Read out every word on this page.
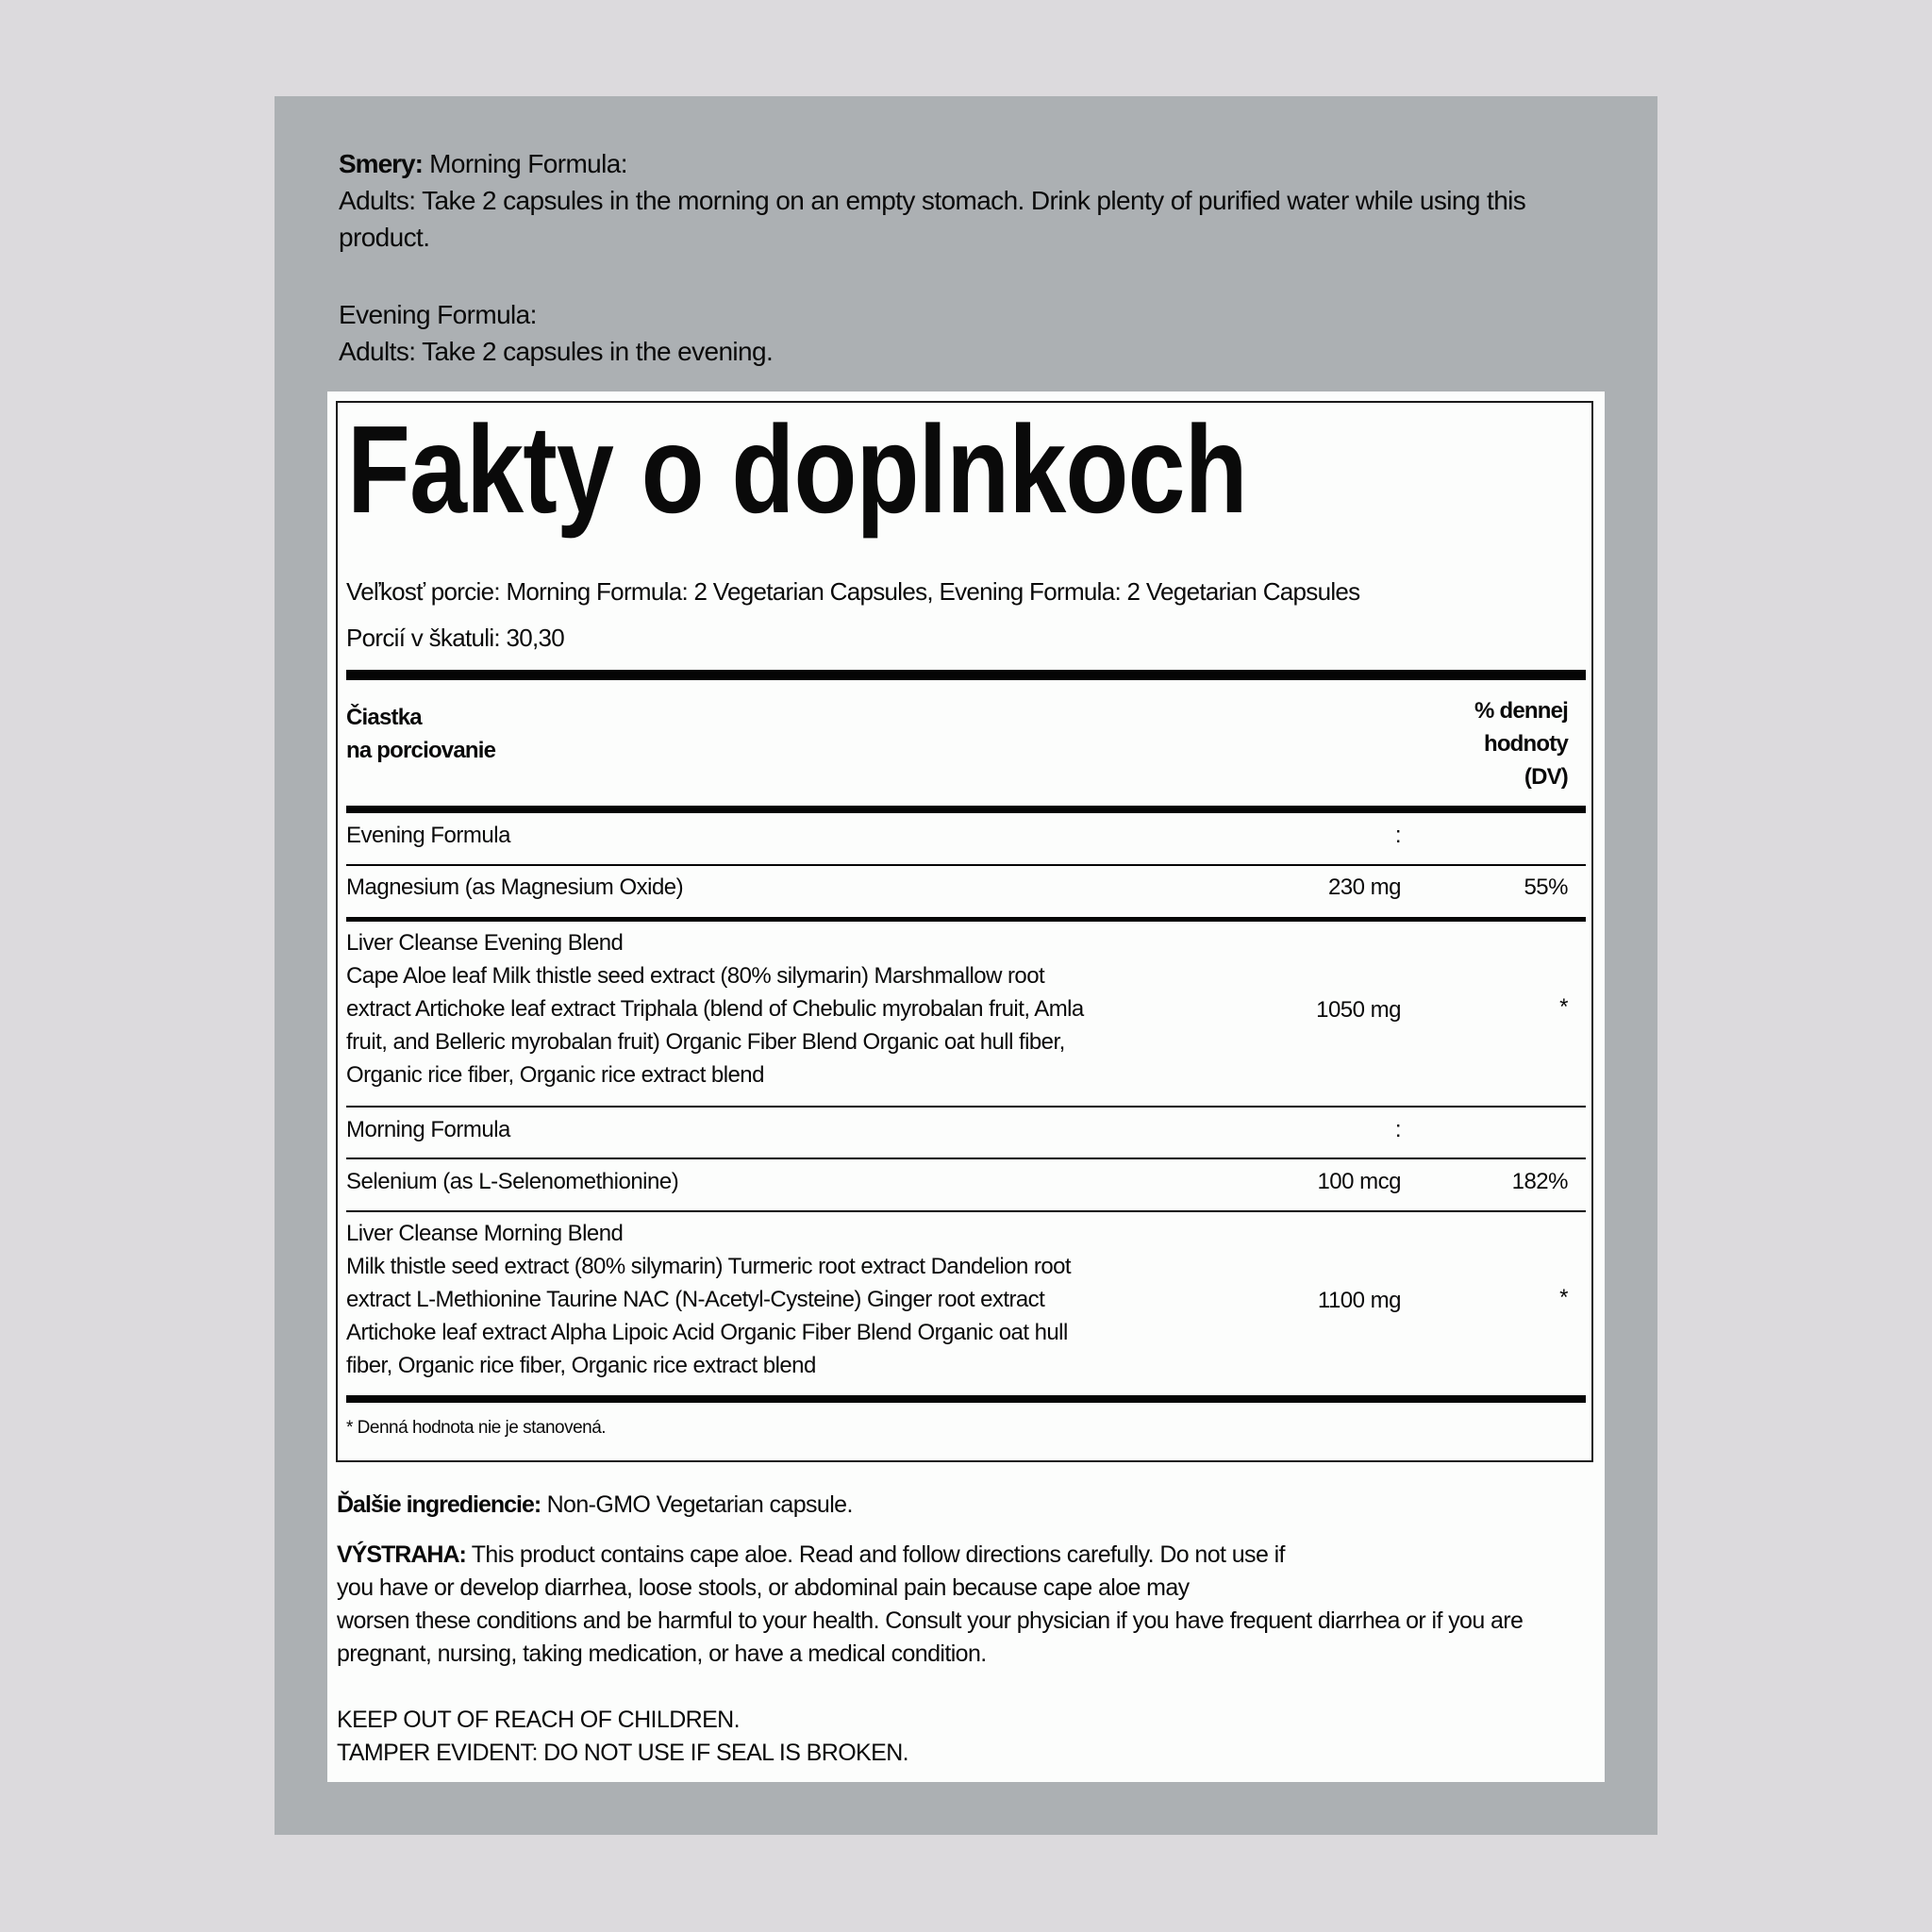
Smery: Morning Formula:
Adults: Take 2 capsules in the morning on an empty stomach. Drink plenty of purified water while using this
product.
Evening Formula:
Adults: Take 2 capsules in the evening.
Fakty o doplnkoch
Veľkosť porcie: Morning Formula: 2 Vegetarian Capsules, Evening Formula: 2 Vegetarian Capsules
Porcií v škatuli: 30,30
Čiastka
na porciovanie
% dennej
hodnoty
(DV)
Evening Formula	:
Magnesium (as Magnesium Oxide)	230 mg	55%
Liver Cleanse Evening Blend
Cape Aloe leaf Milk thistle seed extract (80% silymarin) Marshmallow root
extract Artichoke leaf extract Triphala (blend of Chebulic myrobalan fruit, Amla
fruit, and Belleric myrobalan fruit) Organic Fiber Blend Organic oat hull fiber,
Organic rice fiber, Organic rice extract blend
1050 mg	*
Morning Formula	:
Selenium (as L-Selenomethionine)	100 mcg	182%
Liver Cleanse Morning Blend
Milk thistle seed extract (80% silymarin) Turmeric root extract Dandelion root
extract L-Methionine Taurine NAC (N-Acetyl-Cysteine) Ginger root extract
Artichoke leaf extract Alpha Lipoic Acid Organic Fiber Blend Organic oat hull
fiber, Organic rice fiber, Organic rice extract blend
1100 mg	*
* Denná hodnota nie je stanovená.
Ďalšie ingrediencie: Non-GMO Vegetarian capsule.
VÝSTRAHA: This product contains cape aloe. Read and follow directions carefully. Do not use if
you have or develop diarrhea, loose stools, or abdominal pain because cape aloe may
worsen these conditions and be harmful to your health. Consult your physician if you have frequent diarrhea or if you are
pregnant, nursing, taking medication, or have a medical condition.
KEEP OUT OF REACH OF CHILDREN.
TAMPER EVIDENT: DO NOT USE IF SEAL IS BROKEN.
